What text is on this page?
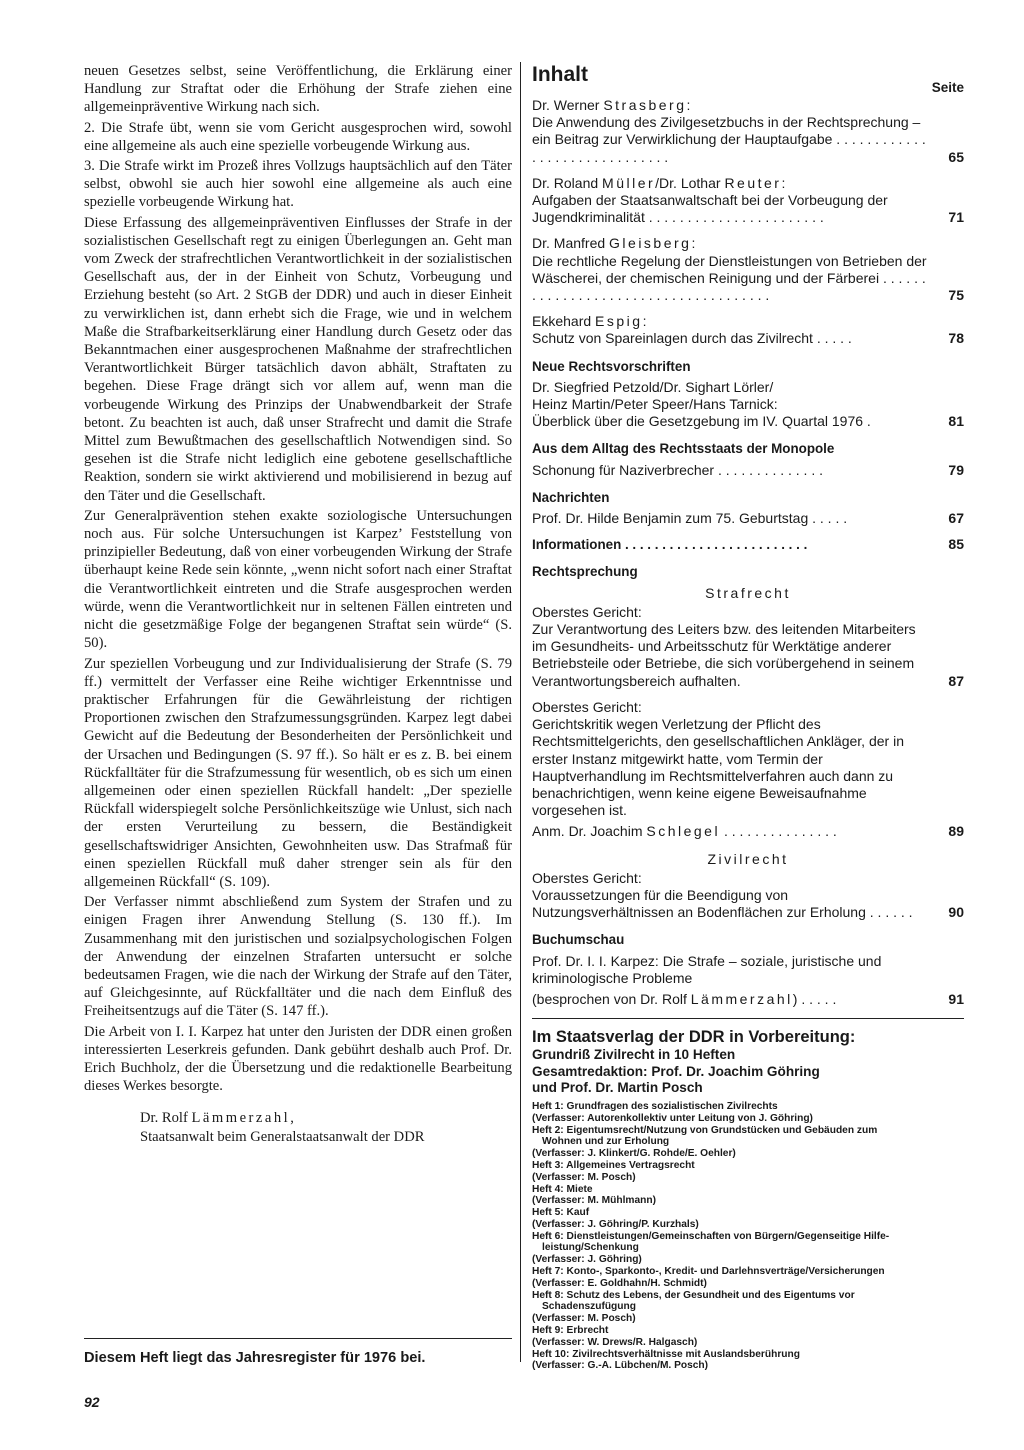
neuen Gesetzes selbst, seine Veröffentlichung, die Erklärung einer Handlung zur Straftat oder die Erhöhung der Strafe ziehen eine allgemeinpräventive Wirkung nach sich.

2. Die Strafe übt, wenn sie vom Gericht ausgesprochen wird, sowohl eine allgemeine als auch eine spezielle vorbeugende Wirkung aus.

3. Die Strafe wirkt im Prozeß ihres Vollzugs hauptsächlich auf den Täter selbst, obwohl sie auch hier sowohl eine allgemeine als auch eine spezielle vorbeugende Wirkung hat.

Diese Erfassung des allgemeinpräventiven Einflusses der Strafe in der sozialistischen Gesellschaft regt zu einigen Überlegungen an. Geht man vom Zweck der strafrechtlichen Verantwortlichkeit in der sozialistischen Gesellschaft aus, der in der Einheit von Schutz, Vorbeugung und Erziehung besteht (so Art. 2 StGB der DDR) und auch in dieser Einheit zu verwirklichen ist, dann erhebt sich die Frage, wie und in welchem Maße die Strafbarkeitserklärung einer Handlung durch Gesetz oder das Bekanntmachen einer ausgesprochenen Maßnahme der strafrechtlichen Verantwortlichkeit Bürger tatsächlich davon abhält, Straftaten zu begehen. Diese Frage drängt sich vor allem auf, wenn man die vorbeugende Wirkung des Prinzips der Unabwendbarkeit der Strafe betont. Zu beachten ist auch, daß unser Strafrecht und damit die Strafe Mittel zum Bewußtmachen des gesellschaftlich Notwendigen sind. So gesehen ist die Strafe nicht lediglich eine gebotene gesellschaftliche Reaktion, sondern sie wirkt aktivierend und mobilisierend in bezug auf den Täter und die Gesellschaft.

Zur Generalprävention stehen exakte soziologische Untersuchungen noch aus. Für solche Untersuchungen ist Karpez’ Feststellung von prinzipieller Bedeutung, daß von einer vorbeugenden Wirkung der Strafe überhaupt keine Rede sein könnte, „wenn nicht sofort nach einer Straftat die Verantwortlichkeit eintreten und die Strafe ausgesprochen werden würde, wenn die Verantwortlichkeit nur in seltenen Fällen eintreten und nicht die gesetzmäßige Folge der begangenen Straftat sein würde“ (S. 50).

Zur speziellen Vorbeugung und zur Individualisierung der Strafe (S. 79 ff.) vermittelt der Verfasser eine Reihe wichtiger Erkenntnisse und praktischer Erfahrungen für die Gewährleistung der richtigen Proportionen zwischen den Strafzumessungsgründen. Karpez legt dabei Gewicht auf die Bedeutung der Besonderheiten der Persönlichkeit und der Ursachen und Bedingungen (S. 97 ff.). So hält er es z. B. bei einem Rückfalltäter für die Strafzumessung für wesentlich, ob es sich um einen allgemeinen oder einen speziellen Rückfall handelt: „Der spezielle Rückfall widerspiegelt solche Persönlichkeitszüge wie Unlust, sich nach der ersten Verurteilung zu bessern, die Beständigkeit gesellschaftswidriger Ansichten, Gewohnheiten usw. Das Strafmaß für einen speziellen Rückfall muß daher strenger sein als für den allgemeinen Rückfall“ (S. 109).

Der Verfasser nimmt abschließend zum System der Strafen und zu einigen Fragen ihrer Anwendung Stellung (S. 130 ff.). Im Zusammenhang mit den juristischen und sozialpsychologischen Folgen der Anwendung der einzelnen Strafarten untersucht er solche bedeutsamen Fragen, wie die nach der Wirkung der Strafe auf den Täter, auf Gleichgesinnte, auf Rückfalltäter und die nach dem Einfluß des Freiheitsentzugs auf die Täter (S. 147 ff.).

Die Arbeit von I. I. Karpez hat unter den Juristen der DDR einen großen interessierten Leserkreis gefunden. Dank gebührt deshalb auch Prof. Dr. Erich Buchholz, der die Übersetzung und die redaktionelle Bearbeitung dieses Werkes besorgte.

Dr. Rolf Lämmerzahl,
Staatsanwalt beim Generalstaatsanwalt der DDR
Diesem Heft liegt das Jahresregister für 1976 bei.
92
Inhalt
Seite
Dr. Werner Strasberg:
Die Anwendung des Zivilgesetzbuchs in der Rechtsprechung – ein Beitrag zur Verwirklichung der Hauptaufgabe . . . . . . . . . . . . . . . . . . . . . . . . . . . . . .	65
Dr. Roland Müller/Dr. Lothar Reuter:
Aufgaben der Staatsanwaltschaft bei der Vorbeugung der Jugendkriminalität . . . . . . . . . . . . . . . . . . . . . . .	71
Dr. Manfred Gleisberg:
Die rechtliche Regelung der Dienstleistungen von Betrieben der Wäscherei, der chemischen Reinigung und der Färberei . . . . . . . . . . . . . . . . . . . . . . . . . . . . . . . . . . . . .	75
Ekkehard Espig:
Schutz von Spareinlagen durch das Zivilrecht . . . . .	78
Neue Rechtsvorschriften
Dr. Siegfried Petzold/Dr. Sighart Lörler/
Heinz Martin/Peter Speer/Hans Tarnick:
Überblick über die Gesetzgebung im IV. Quartal 1976 .	81
Aus dem Alltag des Rechtsstaats der Monopole
Schonung für Naziverbrecher . . . . . . . . . . . . . .	79
Nachrichten
Prof. Dr. Hilde Benjamin zum 75. Geburtstag . . . . .	67
Informationen . . . . . . . . . . . . . . . . . . . . . . . . .	85
Rechtsprechung
Strafrecht
Oberstes Gericht:
Zur Verantwortung des Leiters bzw. des leitenden Mitarbeiters im Gesundheits- und Arbeitsschutz für Werktätige anderer Betriebsteile oder Betriebe, die sich vorübergehend in seinem Verantwortungsbereich aufhalten.	87
Oberstes Gericht:
Gerichtskritik wegen Verletzung der Pflicht des Rechtsmittelgerichts, den gesellschaftlichen Ankläger, der in erster Instanz mitgewirkt hatte, vom Termin der Hauptverhandlung im Rechtsmittelverfahren auch dann zu benachrichtigen, wenn keine eigene Beweisaufnahme vorgesehen ist.
Anm. Dr. Joachim Schlegel . . . . . . . . . . . . . . .	89
Zivilrecht
Oberstes Gericht:
Voraussetzungen für die Beendigung von Nutzungsverhältnissen an Bodenflächen zur Erholung . . . . . .	90
Buchumschau
Prof. Dr. I. I. Karpez: Die Strafe – soziale, juristische und kriminologische Probleme
(besprochen von Dr. Rolf Lämmerzahl) . . . . .	91
Im Staatsverlag der DDR in Vorbereitung:
Grundriß Zivilrecht in 10 Heften
Gesamtredaktion: Prof. Dr. Joachim Göhring
und Prof. Dr. Martin Posch
Heft 1: Grundfragen des sozialistischen Zivilrechts
(Verfasser: Autorenkollektiv unter Leitung von J. Göhring)
Heft 2: Eigentumsrecht/Nutzung von Grundstücken und Gebäuden zum
Wohnen und zur Erholung
(Verfasser: J. Klinkert/G. Rohde/E. Oehler)
Heft 3: Allgemeines Vertragsrecht
(Verfasser: M. Posch)
Heft 4: Miete
(Verfasser: M. Mühlmann)
Heft 5: Kauf
(Verfasser: J. Göhring/P. Kurzhals)
Heft 6: Dienstleistungen/Gemeinschaften von Bürgern/Gegenseitige Hilfe-
leistung/Schenkung
(Verfasser: J. Göhring)
Heft 7: Konto-, Sparkonto-, Kredit- und Darlehnsverträge/Versicherungen
(Verfasser: E. Goldhahn/H. Schmidt)
Heft 8: Schutz des Lebens, der Gesundheit und des Eigentums vor
Schadenszufügung
(Verfasser: M. Posch)
Heft 9: Erbrecht
(Verfasser: W. Drews/R. Halgasch)
Heft 10: Zivilrechtsverhältnisse mit Auslandsberührung
(Verfasser: G.-A. Lübchen/M. Posch)
